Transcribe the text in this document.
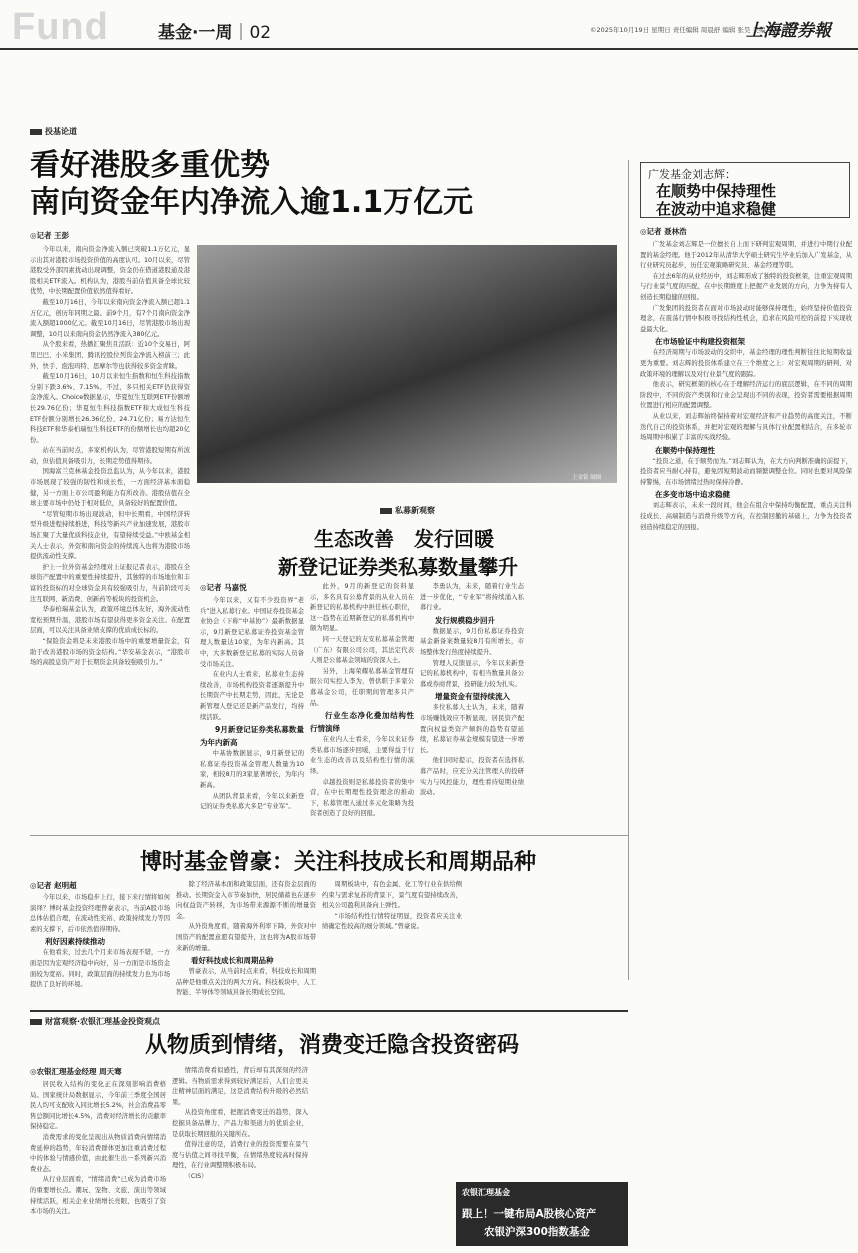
Fund	基金·一周｜02	©2025年10月19日 星期日 责任编辑 周晨舒 编辑 张昊 美编 黎剑平
上海證券報
投基论道
看好港股多重优势
南向资金年内净流入逾1.1万亿元
◎记者 王彭

今年以来，南向资金净流入额已突破1.1万亿元，显示出其对港股市场投资价值的高度认可。10月以来，尽管港股受外部因素扰动出现调整，资金仍在借道港股通及港股相关ETF流入。机构认为，港股当前估值具备全球比较优势，中长期配置价值依然值得看好。

截至10月16日，今年以来南向资金净流入额已超1.1万亿元，创历年同期之最。前9个月，有7个月南向资金净流入额超1000亿元。截至10月16日，尽管港股市场出现调整，10月以来南向资金仍然净流入380亿元。

从个股来看，热播汇聚焦且活跃：近10个交易日，阿里巴巴、小米集团、腾讯控股位列资金净流入榜前三；此外，快手、泡泡玛特、思摩尔等也获得较多资金青睐。

截至10月16日，10月以来恒生指数和恒生科技指数分别下跌3.6%、7.15%。不过，多只相关ETF仍获得资金净流入。Choice数据显示，华夏恒生互联网ETF份额增长29.76亿份；华夏恒生科技指数ETF和大成恒生科技ETF份额分别增长26.36亿份、24.71亿份；易方达恒生科技ETF和华泰柏瑞恒生科技ETF的份额增长也均超20亿份。

站在当前时点，多家机构认为，尽管港股短期有所波动，但估值具备吸引力，长期走势值得期待。

国海富兰克林基金投资总监认为，从今年以来，港股市场展现了较强的韧性和成长性，一方面经济基本面稳健，另一方面上市公司盈利能力有所改善。港股估值在全球主要市场中仍处于相对低位，具备较好的配置价值。

“尽管短期市场出现波动，但中长期看，中国经济转型升级进程持续推进，科技等新兴产业加速发展，港股市场汇聚了大量优质科技企业，有望持续受益。”中欧基金相关人士表示，外资和南向资金的持续流入也将为港股市场提供流动性支撑。

护上一位外资基金经理对上证报记者表示，港股在全球资产配置中的重要性持续提升，其独特的市场地位和丰富的投资标的对全球资金具有较强吸引力，当前阶段可关注互联网、新消费、创新药等板块的投资机会。

华泰柏瑞基金认为，政策环境总体友好，海外流动性宽松预期升温，港股市场有望获得更多资金关注。在配置层面，可以关注具备业绩支撑的优质成长标的。

“保险资金将是未来港股市场中的重要增量资金，有助于改善港股市场的资金结构。”华安基金表示，“港股市场的高股息资产对于长期资金具备较强吸引力。”

王金铭 制图
广发基金刘志辉：
在顺势中保持理性
在波动中追求稳健
◎记者 聂林浩

广发基金刘志辉是一位擅长自上而下研判宏观周期、并进行中期行业配置的基金经理。他于2012年从清华大学硕士研究生毕业后加入广发基金，从行业研究员起步，历任宏观策略研究员、基金经理等职。

在过去6年的从业经历中，刘志辉形成了独特的投资框架，注重宏观周期与行业景气度的匹配，在中长期维度上把握产业发展的方向，力争为持有人创造长期稳健的回报。

广发集团的投资者在面对市场波动时能够保持理性，始终坚持价值投资理念，在震荡行情中积极寻找结构性机会，追求在风险可控的前提下实现收益最大化。

在市场验证中构建投资框架

在经济周期与市场波动的交织中，基金经理的理性判断往往比短期收益更为重要。刘志辉的投资体系建立在三个维度之上：对宏观周期的研判、对政策环境的理解以及对行业景气度的跟踪。

他表示，研究框架的核心在于理解经济运行的底层逻辑，在不同的周期阶段中，不同的资产类别和行业会呈现出不同的表现，投资者需要根据周期位置进行相应的配置调整。

从业以来，刘志辉始终保持着对宏观经济和产业趋势的高度关注，不断迭代自己的投资体系，并把对宏观的理解与具体行业配置相结合，在多轮市场周期中积累了丰富的实战经验。

在顺势中保持理性

“投资之道，在于顺势而为。”刘志辉认为，在大方向判断准确的前提下，投资者应当耐心持有，避免因短期波动而频繁调整仓位。同时也要对风险保持警惕，在市场情绪过热时保持冷静。

在多变市场中追求稳健

刘志辉表示，未来一段时间，他会在组合中保持均衡配置，重点关注科技成长、高端制造与消费升级等方向，在控制回撤的基础上，力争为投资者创造持续稳定的回报。

私募新观察
生态改善　发行回暖
新登记证券类私募数量攀升
◎记者 马嘉悦

今年以来，又有不少投资界“老兵”进入私募行业。中国证券投资基金业协会（下称“中基协”）最新数据显示，9月新登记私募证券投资基金管理人数量达10家，为年内新高。其中，大多数新登记私募的实际人员备受市场关注。

在业内人士看来，私募业生态持续改善，市场机构投资者逐渐提升中长期资产中长期走势，因此，无论是新管理人登记还是新产品发行，均持续活跃。

9月新登记证券类私募数量为年内新高

中基协数据显示，9月新登记的私募证券投资基金管理人数量为10家，相较8月的3家显著增长，为年内新高。

从团队背景来看，今年以来新登记的证券类私募大多是“专业军”。

此外，9月的新登记的资料显示，多名具有公募背景的从业人员在新登记的私募机构中担任核心职位，这一趋势在近期新登记的私募机构中颇为明显。

同一天登记的友安私募基金管理（广东）有限公司公司，其法定代表人则是公募基金领域的资深人士。

另外，上海荣耀私募基金管理有限公司实控人李为，曾供职于多家公募基金公司，任职期间管理多只产品。

行业生态净化叠加结构性行情演绎

在业内人士看来，今年以来证券类私募市场逐步回暖，主要得益于行业生态的改善以及结构性行情的演绎。

卓越投资则是私募投资者的集中营，在中长期理性投资理念的推动下，私募管理人通过多元化策略为投资者创造了良好的回报。

李勇认为，未来，随着行业生态进一步优化，“专业军”将持续涌入私募行业。

发行规模稳步回升

数据显示，9月份私募证券投资基金新备案数量较8月有所增长，市场整体发行热度持续提升。

管理人反馈显示，今年以来新登记的私募机构中，有相当数量具备公募或券商背景，投研能力较为扎实。

增量资金有望持续流入

多位私募人士认为，未来，随着市场赚钱效应不断显现，居民资产配置向权益类资产倾斜的趋势有望延续，私募证券基金规模有望进一步增长。

他们同时提示，投资者在选择私募产品时，应充分关注管理人的投研实力与风控能力，理性看待短期业绩波动。

博时基金曾豪：关注科技成长和周期品种
◎记者 赵明超

今年以来，市场稳步上行，接下来行情将如何演绎？博时基金投资经理曾豪表示，当前A股市场总体估值合理，在流动性充裕、政策持续发力等因素的支撑下，后市依然值得期待。

利好因素持续推动

在他看来，过去几个月来市场表现不错，一方面是因为宏观经济稳中向好，另一方面是市场资金面较为宽裕。同时，政策层面的持续发力也为市场提供了良好的环境。

除了经济基本面和政策层面，还有资金层面的推动。长期资金入市节奏加快，居民储蓄也在逐步向权益资产转移，为市场带来源源不断的增量资金。

从外资角度看，随着海外利率下降，外资对中国资产的配置意愿有望提升，这也将为A股市场带来新的增量。

看好科技成长和周期品种

曾豪表示，从当前时点来看，科技成长和周期品种是他重点关注的两大方向。科技板块中，人工智能、半导体等领域具备长期成长空间。

周期板块中，有色金属、化工等行业在供给侧约束与需求复苏的背景下，景气度有望持续改善，相关公司盈利具备向上弹性。

“市场结构性行情特征明显，投资者应关注业绩确定性较高的细分领域。”曾豪说。

财富观察·农银汇理基金投资观点
从物质到情绪，消费变迁隐含投资密码
◎农银汇理基金经理 周天骞

居民收入结构的变化正在深刻影响消费格局。国家统计局数据显示，今年前三季度全国居民人均可支配收入同比增长5.2%，社会消费品零售总额同比增长4.5%，消费对经济增长的贡献率保持稳定。

消费需求的变化呈现出从物质消费向情绪消费延伸的趋势，年轻消费群体更加注重消费过程中的体验与情感价值，由此催生出一系列新兴消费业态。

从行业层面看，“情绪消费”已成为消费市场的重要增长点。潮玩、宠物、文旅、演出等领域持续活跃，相关企业业绩增长亮眼，也吸引了资本市场的关注。

情绪消费看似感性，背后却有其深刻的经济逻辑。当物质需求得到较好满足后，人们会更关注精神层面的满足，这是消费结构升级的必然结果。

从投资角度看，把握消费变迁的趋势，深入挖掘具备品牌力、产品力和渠道力的优质企业，是获取长期回报的关键所在。

值得注意的是，消费行业的投资需要在景气度与估值之间寻找平衡，在情绪热度较高时保持理性，在行业调整期积极布局。

（CIS）

农银汇理基金
跟上！一键布局A股核心资产
农银沪深300指数基金
